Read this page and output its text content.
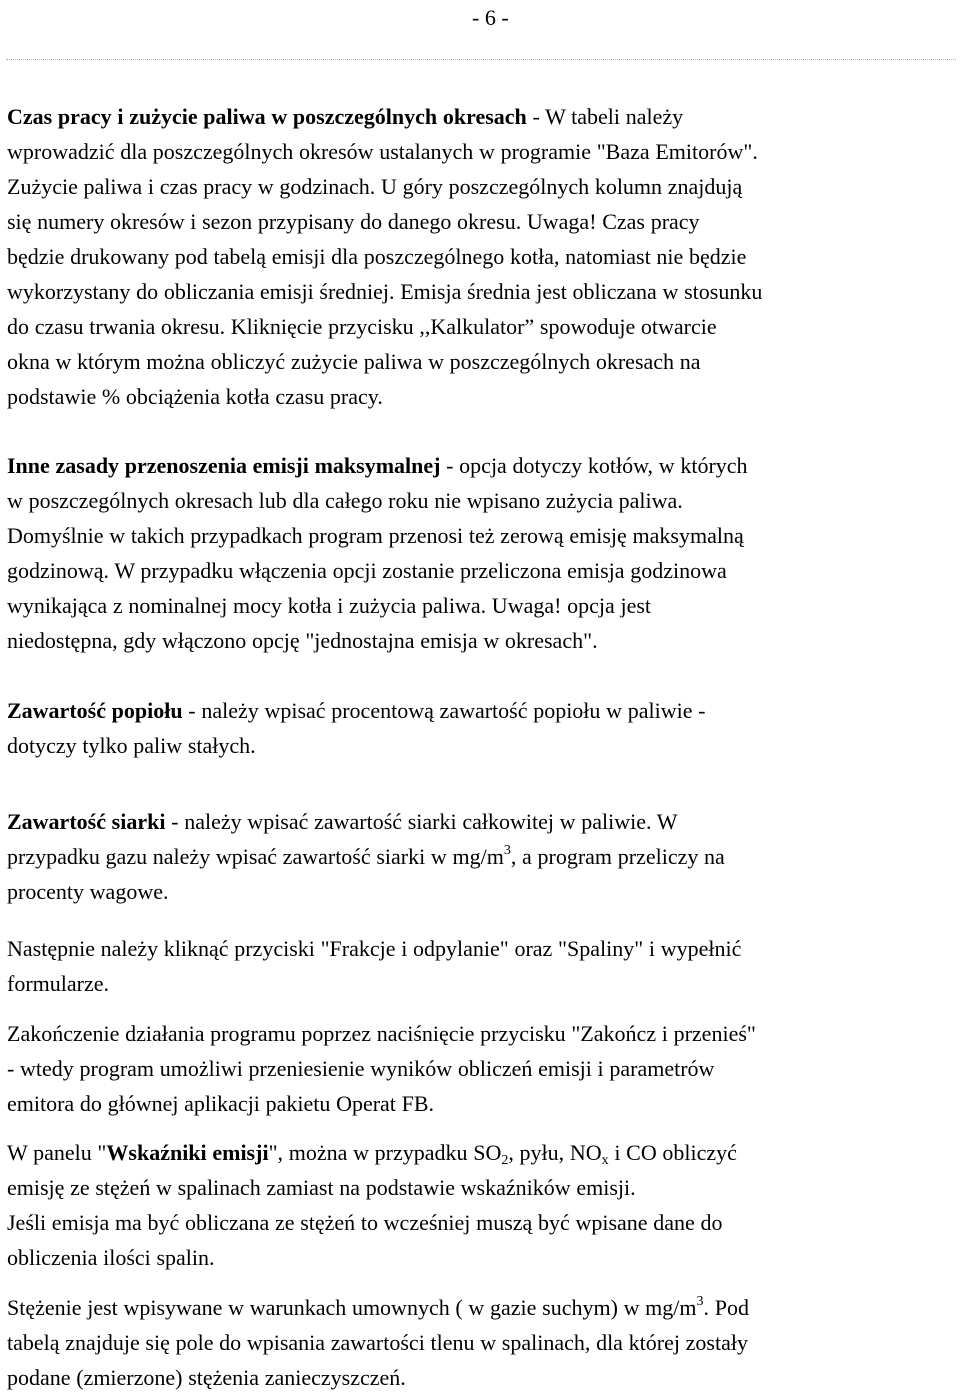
- 6 -

Czas pracy i zużycie paliwa w poszczególnych okresach - W tabeli należy
wprowadzić dla poszczególnych okresów ustalanych w programie "Baza Emitorów".
Zużycie paliwa i czas pracy w godzinach. U góry poszczególnych kolumn znajdują
się numery okresów i sezon przypisany do danego okresu. Uwaga! Czas pracy
będzie drukowany pod tabelą emisji dla poszczególnego kotła, natomiast nie będzie
wykorzystany do obliczania emisji średniej. Emisja średnia jest obliczana w stosunku
do czasu trwania okresu. Kliknięcie przycisku ,,Kalkulator” spowoduje otwarcie
okna w którym można obliczyć zużycie paliwa w poszczególnych okresach na
podstawie % obciążenia kotła czasu pracy.

Inne zasady przenoszenia emisji maksymalnej - opcja dotyczy kotłów, w których
w poszczególnych okresach lub dla całego roku nie wpisano zużycia paliwa.
Domyślnie w takich przypadkach program przenosi też zerową emisję maksymalną
godzinową. W przypadku włączenia opcji zostanie przeliczona emisja godzinowa
wynikająca z nominalnej mocy kotła i zużycia paliwa. Uwaga! opcja jest
niedostępna, gdy włączono opcję "jednostajna emisja w okresach".

Zawartość popiołu - należy wpisać procentową zawartość popiołu w paliwie -
dotyczy tylko paliw stałych.

Zawartość siarki - należy wpisać zawartość siarki całkowitej w paliwie. W
przypadku gazu należy wpisać zawartość siarki w $mg/m^3$, a program przeliczy na
procenty wagowe.

Następnie należy kliknąć przyciski "Frakcje i odpylanie" oraz "Spaliny" i wypełnić
formularze.

Zakończenie działania programu poprzez naciśnięcie przycisku "Zakończ i przenieś"
- wtedy program umożliwi przeniesienie wyników obliczeń emisji i parametrów
emitora do głównej aplikacji pakietu Operat FB.

W panelu "Wskaźniki emisji", można w przypadku $SO_2$, pyłu, $NO_x$ i CO obliczyć
emisję ze stężeń w spalinach zamiast na podstawie wskaźników emisji.
Jeśli emisja ma być obliczana ze stężeń to wcześniej muszą być wpisane dane do
obliczenia ilości spalin.

Stężenie jest wpisywane w warunkach umownych ( w gazie suchym) w $mg/m^3$. Pod
tabelą znajduje się pole do wpisania zawartości tlenu w spalinach, dla której zostały
podane (zmierzone) stężenia zanieczyszczeń.
